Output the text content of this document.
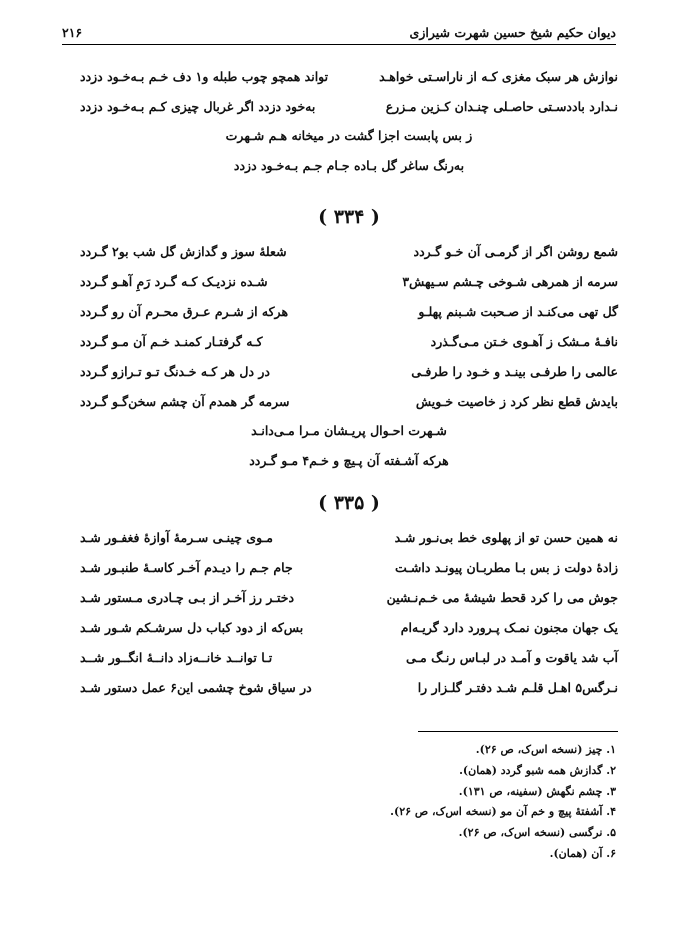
دیوان حکیم شیخ حسین شهرت شیرازی
۲۱۶
نوازش هر سبک مغزی کـه از ناراسـتی خواهـد
تواند همچو چوب طبله و۱ دف خـم بـه‌خـود دزدد
نـدارد باددسـتی حاصـلی چنـدان کـزین مـزرع
به‌خود دزدد اگر غربال چیزی کـم بـه‌خـود دزدد
ز بس پابست اجزا گشت در میخانه هـم شـهرت
به‌رنگ ساغر گل بـاده جـام جـم بـه‌خـود دزدد
( ۳۳۴ )
شمع روشن اگر از گرمـی آن خـو گـردد
شعلهٔ سوز و گدازش گل شب بو۲ گـردد
سرمه از همرهی شـوخی چـشم سـیهش۳
شـده نزدیـک کـه گـرد رَمِ آهـو گـردد
گل تهی می‌کنـد از صـحبت شـبنم پهلـو
هرکه از شـرم عـرق محـرم آن رو گـردد
نافـهٔ مـشک ز آهـوی خـتن مـی‌گـذرد
کـه گرفتـار کمنـد خـم آن مـو گـردد
عالمی را طرفـی بینـد و خـود را طرفـی
در دل هر کـه خـدنگ تـو تـرازو گـردد
بایدش قطع نظر کرد ز خاصیت خـویش
سرمه گر همدم آن چشم سخن‌گـو گـردد
شـهرت احـوال پریـشان مـرا مـی‌دانـد
هرکه آشـفته آن پـیچ و خـم۴ مـو گـردد
( ۳۳۵ )
نه همین حسن تو از پهلوی خط بی‌نـور شـد
مـوی چینـی سـرمهٔ آوازهٔ فغفـور شـد
زادهٔ دولت ز بس بـا مطربـان پیونـد داشـت
جام جـم را دیـدم آخـر کاسـهٔ طنبـور شـد
جوش می را کرد قحط شیشهٔ می خـم‌نـشین
دختـر رز آخـر از بـی چـادری مـستور شـد
یک جهان مجنون نمـک پـرورد دارد گریـه‌ام
بس‌که از دود کباب دل سرشـکم شـور شـد
آب شد یاقوت و آمـد در لبـاس رنـگ مـی
تـا توانــد خانــه‌زاد دانــهٔ انگــور شــد
نـرگس۵ اهـل قلـم شـد دفتـر گلـزار را
در سیاق شوخ چشمی این۶ عمل دستور شـد
۱. چیز (نسخه اس‌ک، ص ۲۶).
۲. گدازش همه شبو گردد (همان).
۳. چشم نگهش (سفینه، ص ۱۳۱).
۴. آشفتهٔ پیچ و خم آن مو (نسخه اس‌ک، ص ۲۶).
۵. نرگسی (نسخه اس‌ک، ص ۲۶).
۶. آن (همان).
